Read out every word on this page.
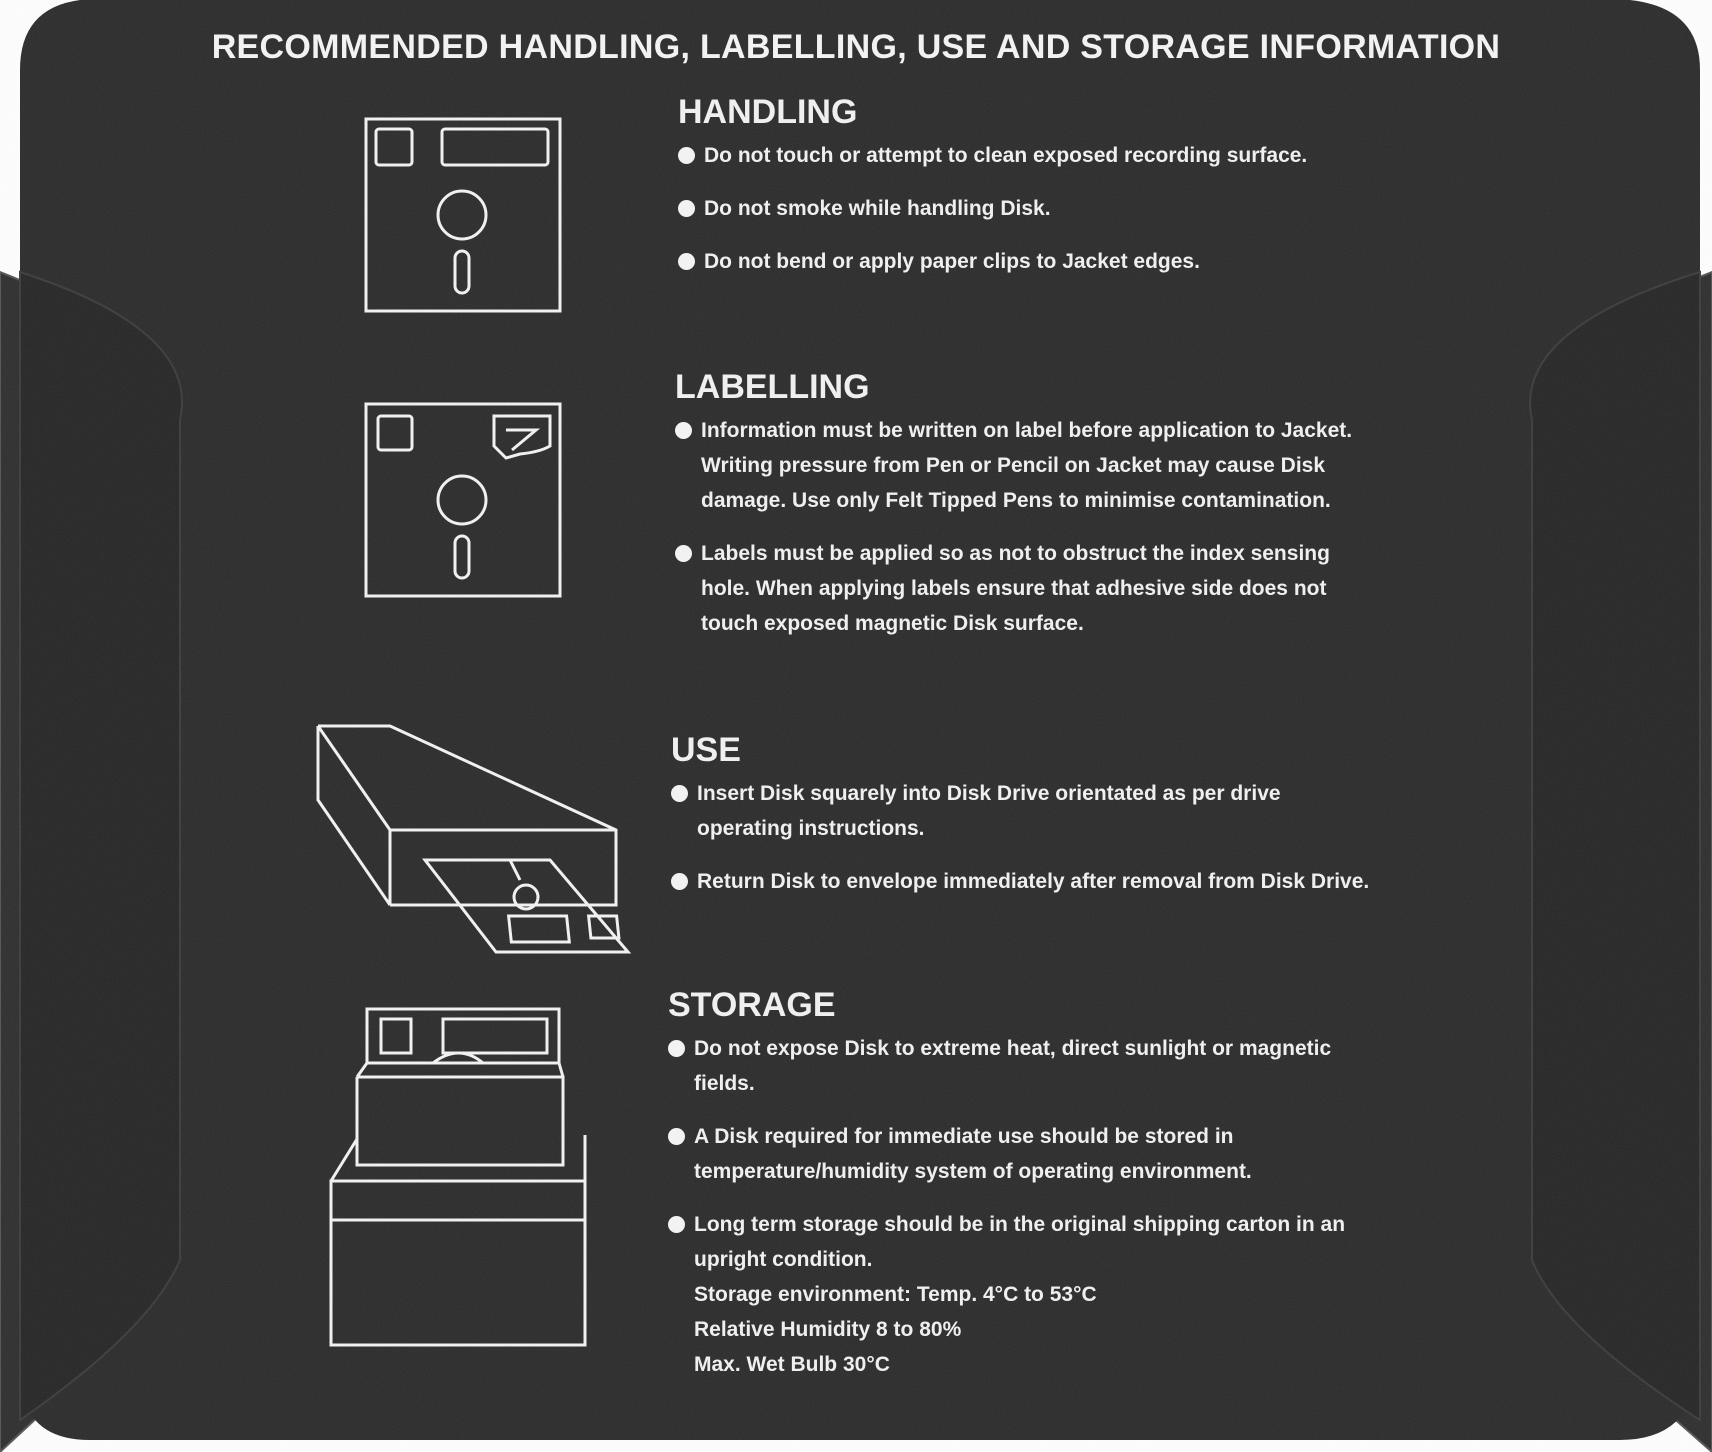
RECOMMENDED HANDLING, LABELLING, USE AND STORAGE INFORMATION
HANDLING
Do not touch or attempt to clean exposed recording surface.
Do not smoke while handling Disk.
Do not bend or apply paper clips to Jacket edges.
LABELLING
Information must be written on label before application to Jacket. Writing pressure from Pen or Pencil on Jacket may cause Disk damage. Use only Felt Tipped Pens to minimise contamination.
Labels must be applied so as not to obstruct the index sensing hole. When applying labels ensure that adhesive side does not touch exposed magnetic Disk surface.
USE
Insert Disk squarely into Disk Drive orientated as per drive operating instructions.
Return Disk to envelope immediately after removal from Disk Drive.
STORAGE
Do not expose Disk to extreme heat, direct sunlight or magnetic fields.
A Disk required for immediate use should be stored in temperature/humidity system of operating environment.
Long term storage should be in the original shipping carton in an upright condition.
Storage environment: Temp. 4°C to 53°C
Relative Humidity 8 to 80%
Max. Wet Bulb 30°C
